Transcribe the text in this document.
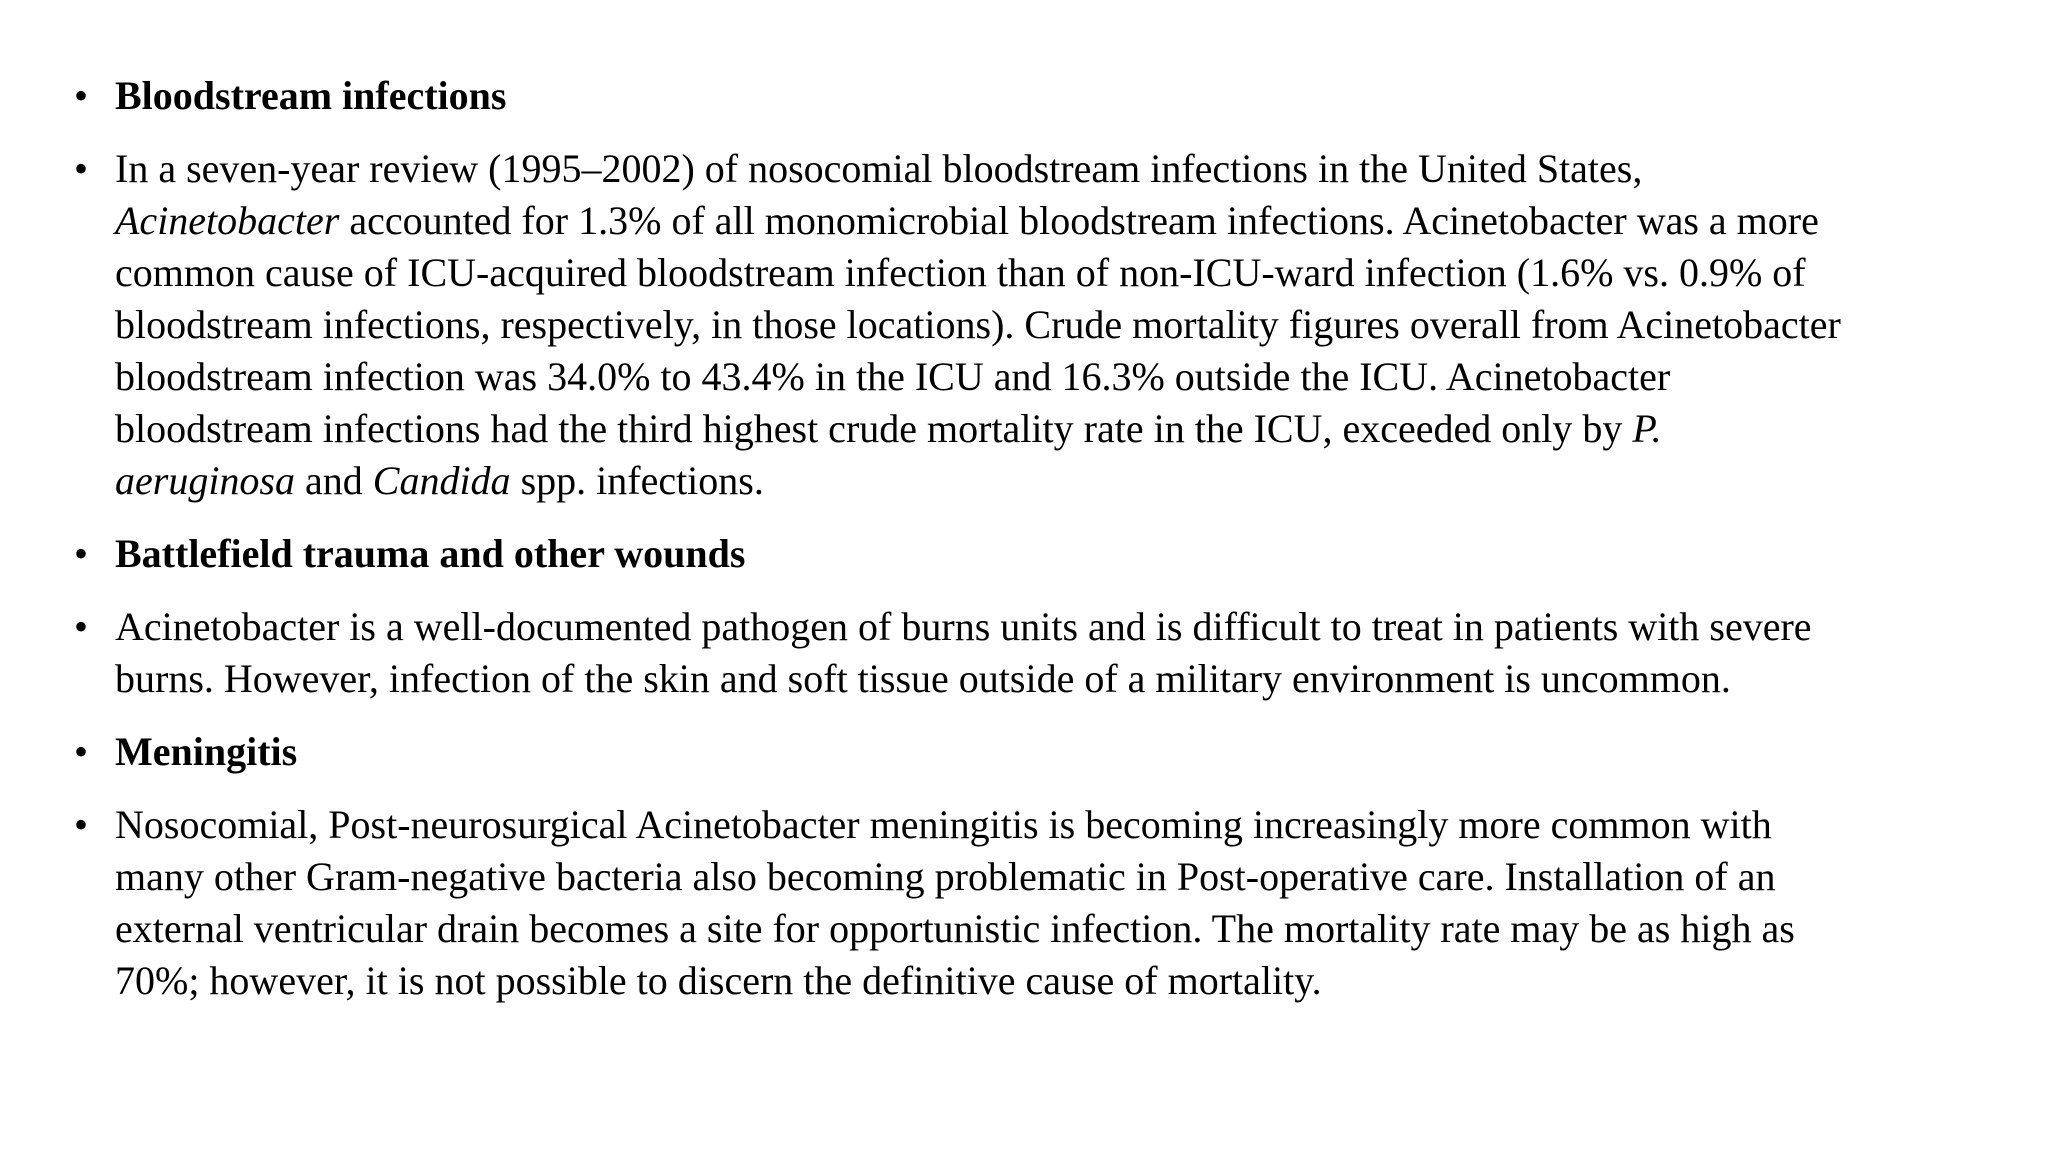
• Bloodstream infections
• In a seven-year review (1995–2002) of nosocomial bloodstream infections in the United States,
Acinetobacter accounted for 1.3% of all monomicrobial bloodstream infections. Acinetobacter was a more
common cause of ICU-acquired bloodstream infection than of non-ICU-ward infection (1.6% vs. 0.9% of
bloodstream infections, respectively, in those locations). Crude mortality figures overall from Acinetobacter
bloodstream infection was 34.0% to 43.4% in the ICU and 16.3% outside the ICU. Acinetobacter
bloodstream infections had the third highest crude mortality rate in the ICU, exceeded only by P.
aeruginosa and Candida spp. infections.
• Battlefield trauma and other wounds
• Acinetobacter is a well-documented pathogen of burns units and is difficult to treat in patients with severe
burns. However, infection of the skin and soft tissue outside of a military environment is uncommon.
• Meningitis
• Nosocomial, Post-neurosurgical Acinetobacter meningitis is becoming increasingly more common with
many other Gram-negative bacteria also becoming problematic in Post-operative care. Installation of an
external ventricular drain becomes a site for opportunistic infection. The mortality rate may be as high as
70%; however, it is not possible to discern the definitive cause of mortality.
